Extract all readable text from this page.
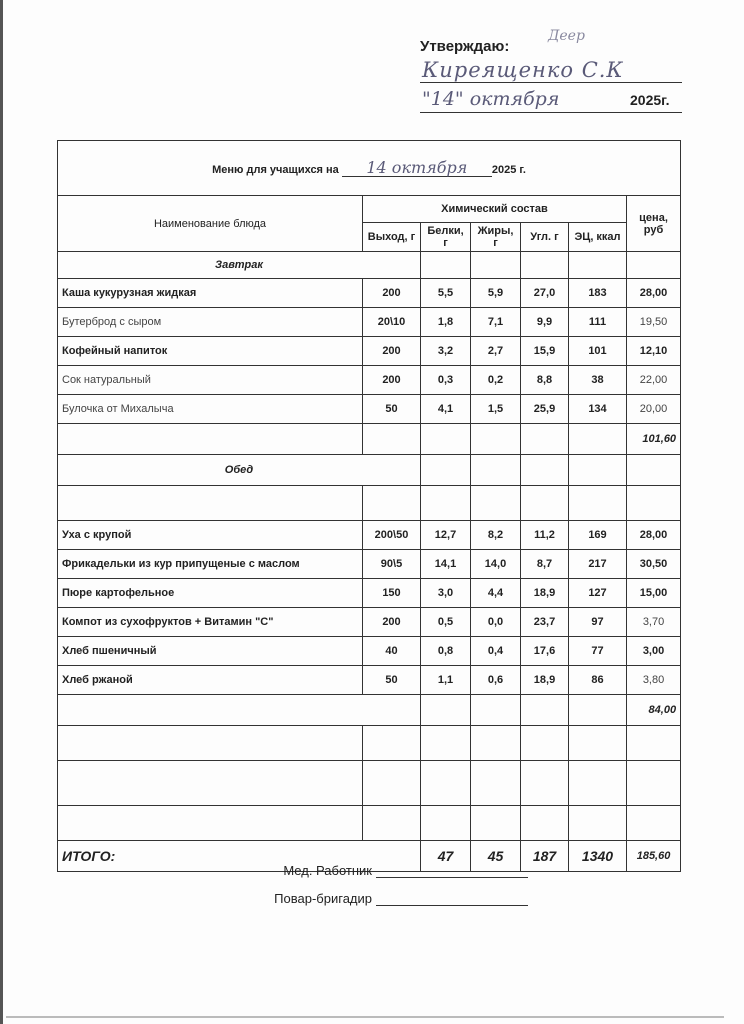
Утверждаю:
Деер
Киреященко С.К
"14" октября	2025г.
Меню для учащихся на 14 октября 2025 г.						
Наименование блюда	Химический состав					цена, руб
	Выход, г	Белки, г	Жиры, г	Угл. г	ЭЦ, ккал	
Завтрак						
Каша кукурузная жидкая	200	5,5	5,9	27,0	183	28,00
Бутерброд с сыром	20\10	1,8	7,1	9,9	111	19,50
Кофейный напиток	200	3,2	2,7	15,9	101	12,10
Сок натуральный	200	0,3	0,2	8,8	38	22,00
Булочка от Михалыча	50	4,1	1,5	25,9	134	20,00
						101,60
Обед						

Уха с крупой	200\50	12,7	8,2	11,2	169	28,00
Фрикадельки из кур припущеные с маслом	90\5	14,1	14,0	8,7	217	30,50
Пюре картофельное	150	3,0	4,4	18,9	127	15,00
Компот из сухофруктов + Витамин "С"	200	0,5	0,0	23,7	97	3,70
Хлеб пшеничный	40	0,8	0,4	17,6	77	3,00
Хлеб ржаной	50	1,1	0,6	18,9	86	3,80
						84,00

ИТОГО:		47	45	187	1340	185,60
Мед. Работник
Повар-бригадир
